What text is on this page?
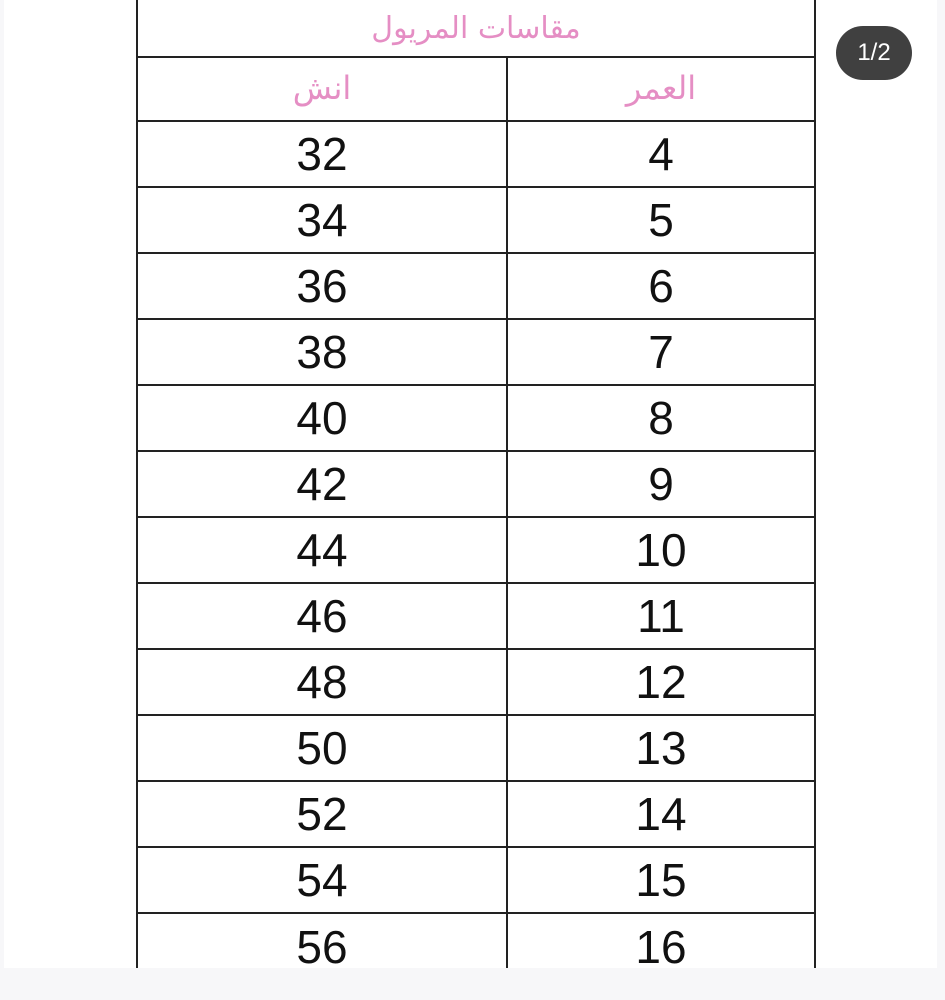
مقاسات المريول
انش	العمر
32	4
34	5
36	6
38	7
40	8
42	9
44	10
46	11
48	12
50	13
52	14
54	15
56	16
1/2
